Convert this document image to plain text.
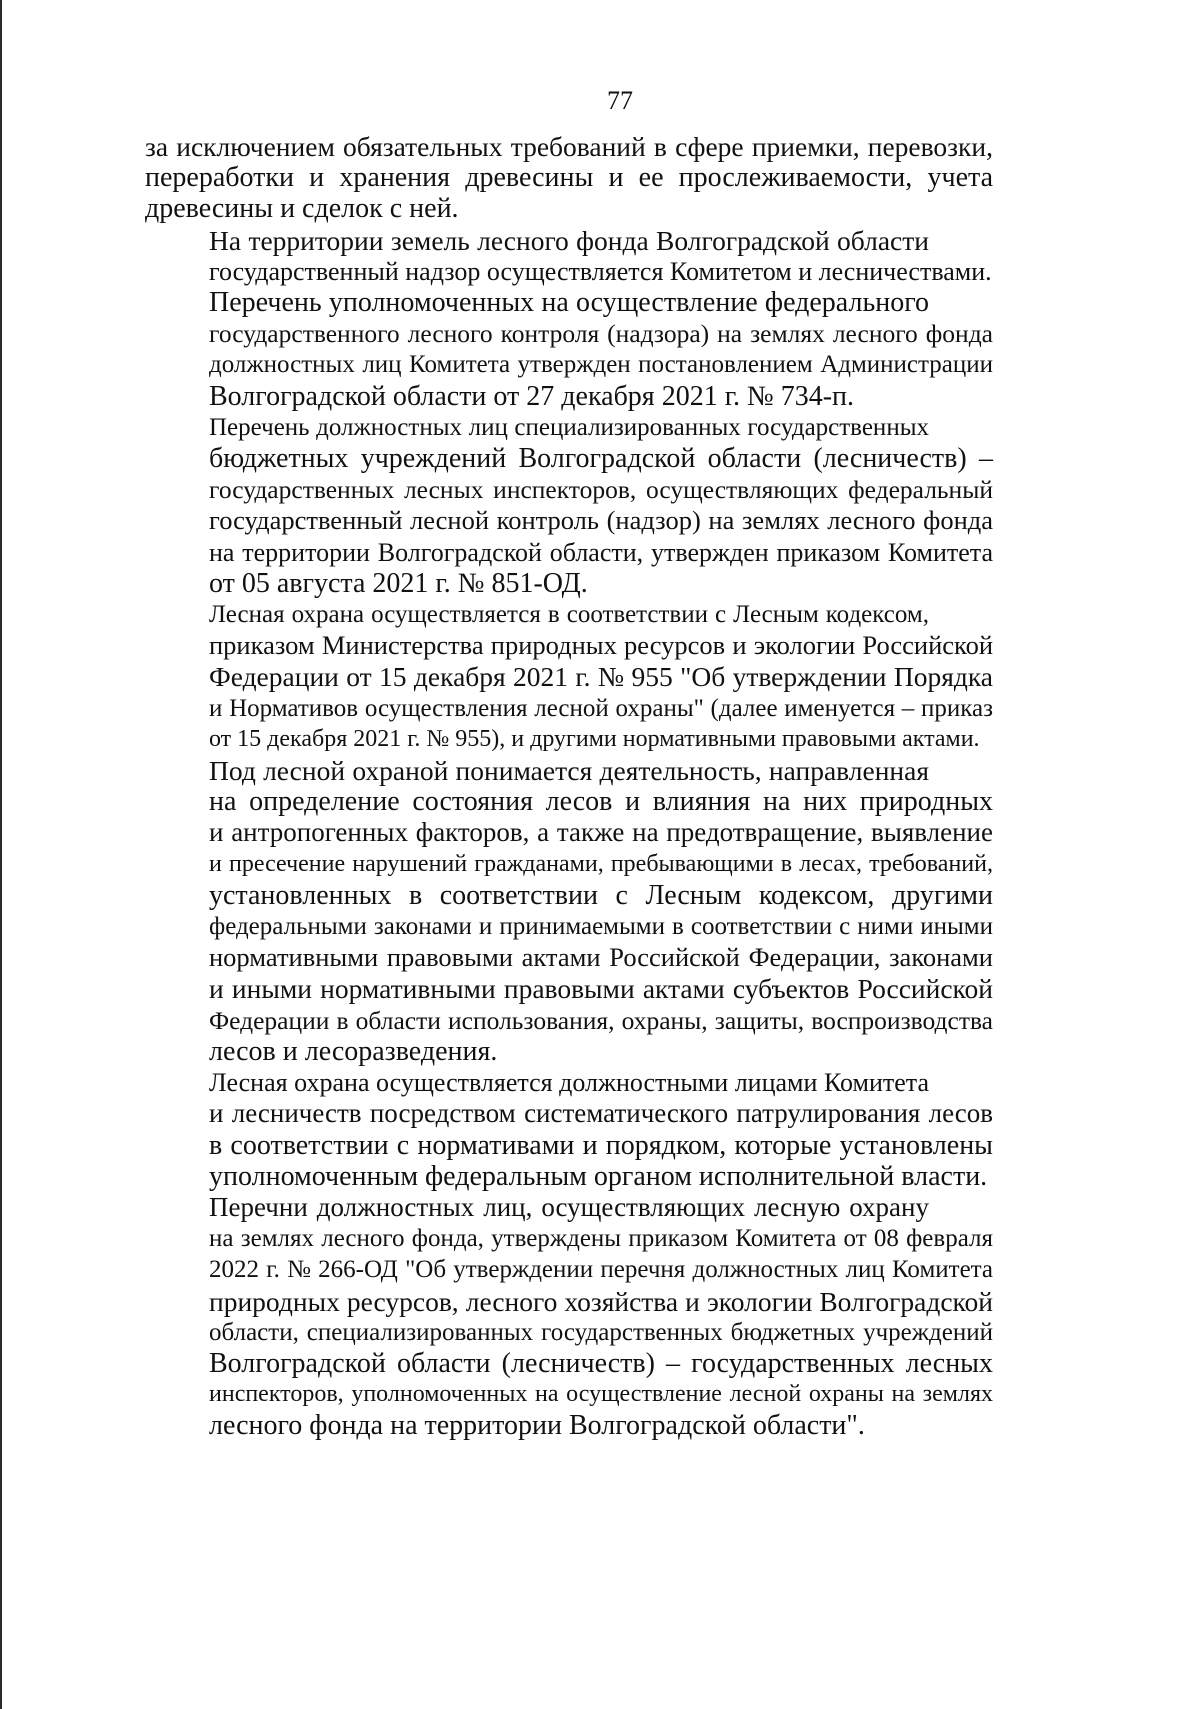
77
за исключением обязательных требований в сфере приемки, перевозки,
переработки и хранения древесины и ее прослеживаемости, учета
древесины и сделок с ней.
На территории земель лесного фонда Волгоградской области
государственный надзор осуществляется Комитетом и лесничествами.
Перечень уполномоченных на осуществление федерального
государственного лесного контроля (надзора) на землях лесного фонда
должностных лиц Комитета утвержден постановлением Администрации
Волгоградской области от 27 декабря 2021 г. № 734-п.
Перечень должностных лиц специализированных государственных
бюджетных учреждений Волгоградской области (лесничеств) –
государственных лесных инспекторов, осуществляющих федеральный
государственный лесной контроль (надзор) на землях лесного фонда
на территории Волгоградской области, утвержден приказом Комитета
от 05 августа 2021 г. № 851-ОД.
Лесная охрана осуществляется в соответствии с Лесным кодексом,
приказом Министерства природных ресурсов и экологии Российской
Федерации от 15 декабря 2021 г. № 955 "Об утверждении Порядка
и Нормативов осуществления лесной охраны" (далее именуется – приказ
от 15 декабря 2021 г. № 955), и другими нормативными правовыми актами.
Под лесной охраной понимается деятельность, направленная
на определение состояния лесов и влияния на них природных
и антропогенных факторов, а также на предотвращение, выявление
и пресечение нарушений гражданами, пребывающими в лесах, требований,
установленных в соответствии с Лесным кодексом, другими
федеральными законами и принимаемыми в соответствии с ними иными
нормативными правовыми актами Российской Федерации, законами
и иными нормативными правовыми актами субъектов Российской
Федерации в области использования, охраны, защиты, воспроизводства
лесов и лесоразведения.
Лесная охрана осуществляется должностными лицами Комитета
и лесничеств посредством систематического патрулирования лесов
в соответствии с нормативами и порядком, которые установлены
уполномоченным федеральным органом исполнительной власти.
Перечни должностных лиц, осуществляющих лесную охрану
на землях лесного фонда, утверждены приказом Комитета от 08 февраля
2022 г. № 266-ОД "Об утверждении перечня должностных лиц Комитета
природных ресурсов, лесного хозяйства и экологии Волгоградской
области, специализированных государственных бюджетных учреждений
Волгоградской области (лесничеств) – государственных лесных
инспекторов, уполномоченных на осуществление лесной охраны на землях
лесного фонда на территории Волгоградской области".
